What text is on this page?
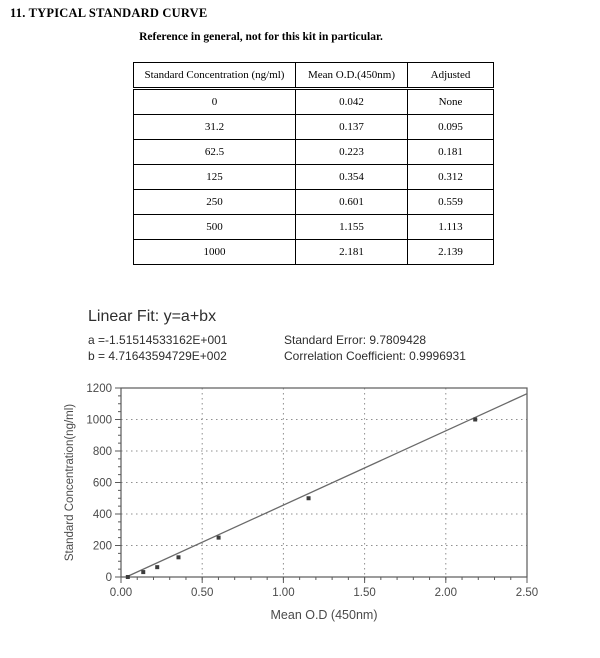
11. TYPICAL STANDARD CURVE
Reference in general, not for this kit in particular.
Standard Concentration (ng/ml)	Mean O.D.(450nm)	Adjusted
0	0.042	None
31.2	0.137	0.095
62.5	0.223	0.181
125	0.354	0.312
250	0.601	0.559
500	1.155	1.113
1000	2.181	2.139
Linear Fit: y=a+bx
a =-1.51514533162E+001	Standard Error: 9.7809428
b = 4.71643594729E+002	Correlation Coefficient: 0.9996931
0.00	0.50	1.00	1.50	2.00	2.50
0
200
400
600
800
1000
1200
Standard Concentration(ng/ml)
Mean O.D (450nm)
